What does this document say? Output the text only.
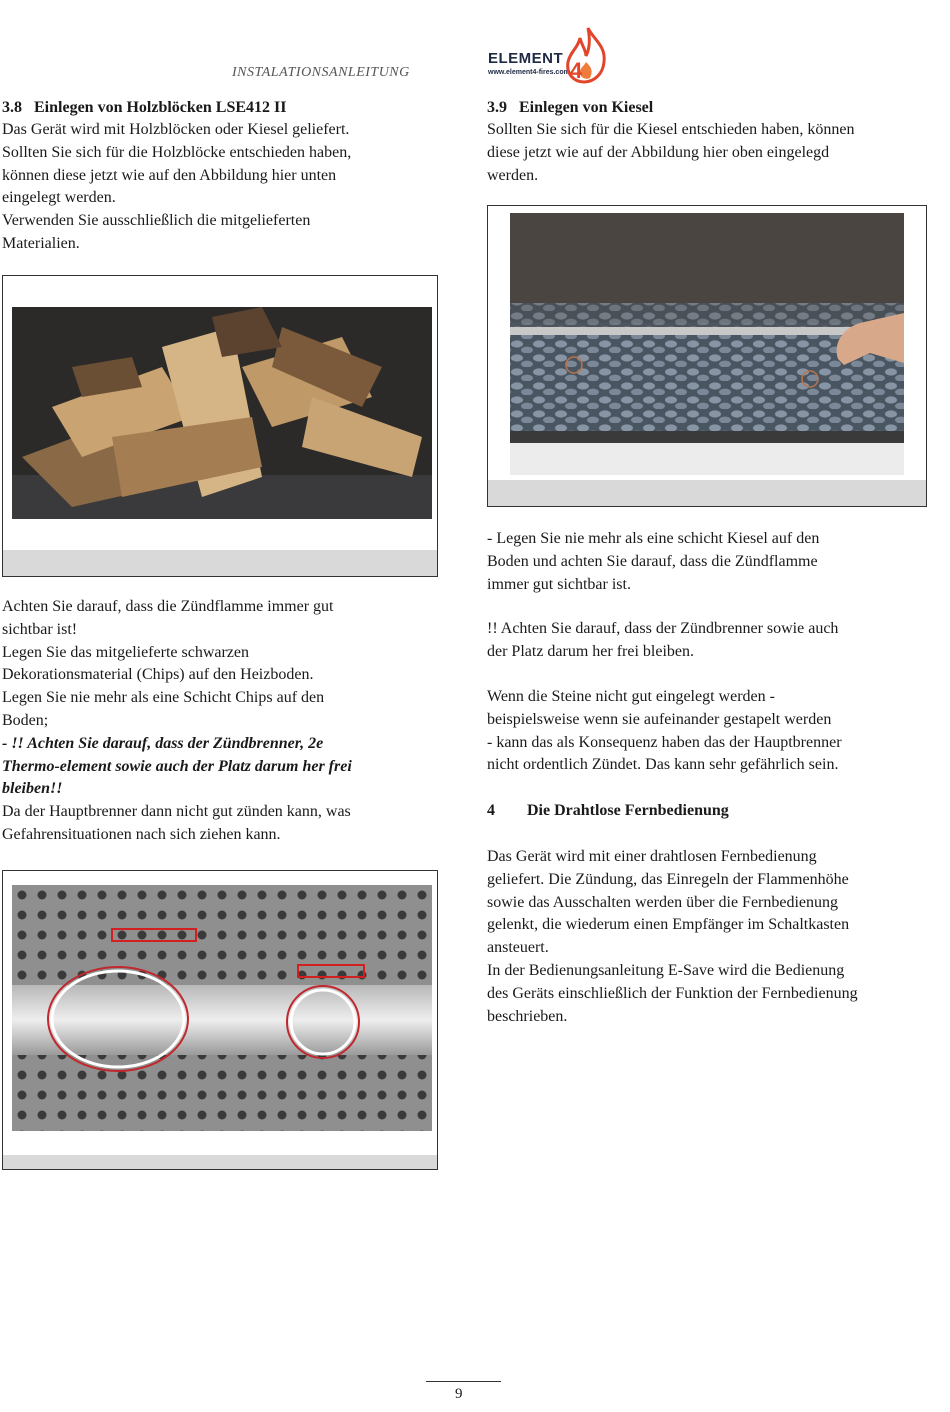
INSTALATIONSANLEITUNG
ELEMENT
www.element4-fires.com 4
3.8 Einlegen von Holzblöcken LSE412 II

Das Gerät wird mit Holzblöcken oder Kiesel geliefert.

Sollten Sie sich für die Holzblöcke entschieden haben,

können diese jetzt wie auf den Abbildung hier unten

eingelegt werden.

Verwenden Sie ausschließlich die mitgelieferten

Materialien.

Achten Sie darauf, dass die Zündflamme immer gut

sichtbar ist!

Legen Sie das mitgelieferte schwarzen

Dekorationsmaterial (Chips) auf den Heizboden.

Legen Sie nie mehr als eine Schicht Chips auf den

Boden;

- !! Achten Sie darauf, dass der Zündbrenner, 2e

Thermo-element sowie auch der Platz darum her frei

bleiben!!

Da der Hauptbrenner dann nicht gut zünden kann, was

Gefahrensituationen nach sich ziehen kann.

3.9 Einlegen von Kiesel

Sollten Sie sich für die Kiesel entschieden haben, können

diese jetzt wie auf der Abbildung hier oben eingelegd

werden.

- Legen Sie nie mehr als eine schicht Kiesel auf den

Boden und achten Sie darauf, dass die Zündflamme

immer gut sichtbar ist.

!! Achten Sie darauf, dass der Zündbrenner sowie auch

der Platz darum her frei bleiben.

Wenn die Steine nicht gut eingelegt werden -

beispielsweise wenn sie aufeinander gestapelt werden

- kann das als Konsequenz haben das der Hauptbrenner

nicht ordentlich Zündet. Das kann sehr gefährlich sein.

4 Die Drahtlose Fernbedienung

Das Gerät wird mit einer drahtlosen Fernbedienung

geliefert. Die Zündung, das Einregeln der Flammenhöhe

sowie das Ausschalten werden über die Fernbedienung

gelenkt, die wiederum einen Empfänger im Schaltkasten

ansteuert.

In der Bedienungsanleitung E-Save wird die Bedienung

des Geräts einschließlich der Funktion der Fernbedienung

beschrieben.

9
